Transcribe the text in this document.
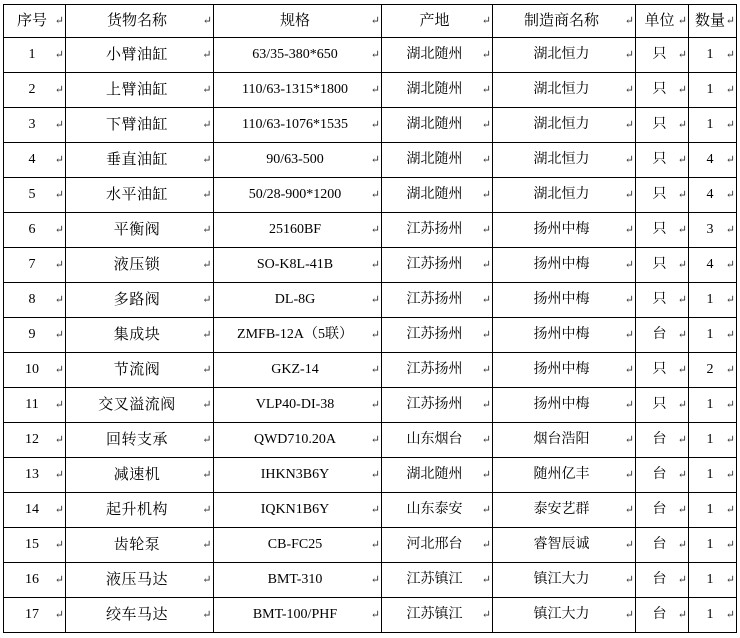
序号 ↵	货物名称 ↵	规格 ↵	产地 ↵	制造商名称 ↵	单位 ↵	数量 ↵

1 ↵	小臂油缸 ↵	63/35-380*650 ↵	湖北随州 ↵	湖北恒力 ↵	只 ↵	1 ↵

2 ↵	上臂油缸 ↵	110/63-1315*1800 ↵	湖北随州 ↵	湖北恒力 ↵	只 ↵	1 ↵

3 ↵	下臂油缸 ↵	110/63-1076*1535 ↵	湖北随州 ↵	湖北恒力 ↵	只 ↵	1 ↵

4 ↵	垂直油缸 ↵	90/63-500 ↵	湖北随州 ↵	湖北恒力 ↵	只 ↵	4 ↵

5 ↵	水平油缸 ↵	50/28-900*1200 ↵	湖北随州 ↵	湖北恒力 ↵	只 ↵	4 ↵

6 ↵	平衡阀 ↵	25160BF ↵	江苏扬州 ↵	扬州中梅 ↵	只 ↵	3 ↵

7 ↵	液压锁 ↵	SO-K8L-41B ↵	江苏扬州 ↵	扬州中梅 ↵	只 ↵	4 ↵

8 ↵	多路阀 ↵	DL-8G ↵	江苏扬州 ↵	扬州中梅 ↵	只 ↵	1 ↵

9 ↵	集成块 ↵	ZMFB-12A（5联） ↵	江苏扬州 ↵	扬州中梅 ↵	台 ↵	1 ↵

10 ↵	节流阀 ↵	GKZ-14 ↵	江苏扬州 ↵	扬州中梅 ↵	只 ↵	2 ↵

11 ↵	交叉溢流阀 ↵	VLP40-DI-38 ↵	江苏扬州 ↵	扬州中梅 ↵	只 ↵	1 ↵

12 ↵	回转支承 ↵	QWD710.20A ↵	山东烟台 ↵	烟台浩阳 ↵	台 ↵	1 ↵

13 ↵	减速机 ↵	IHKN3B6Y ↵	湖北随州 ↵	随州亿丰 ↵	台 ↵	1 ↵

14 ↵	起升机构 ↵	IQKN1B6Y ↵	山东泰安 ↵	泰安艺群 ↵	台 ↵	1 ↵

15 ↵	齿轮泵 ↵	CB-FC25 ↵	河北邢台 ↵	睿智辰诚 ↵	台 ↵	1 ↵

16 ↵	液压马达 ↵	BMT-310 ↵	江苏镇江 ↵	镇江大力 ↵	台 ↵	1 ↵

17 ↵	绞车马达 ↵	BMT-100/PHF ↵	江苏镇江 ↵	镇江大力 ↵	台 ↵	1 ↵
